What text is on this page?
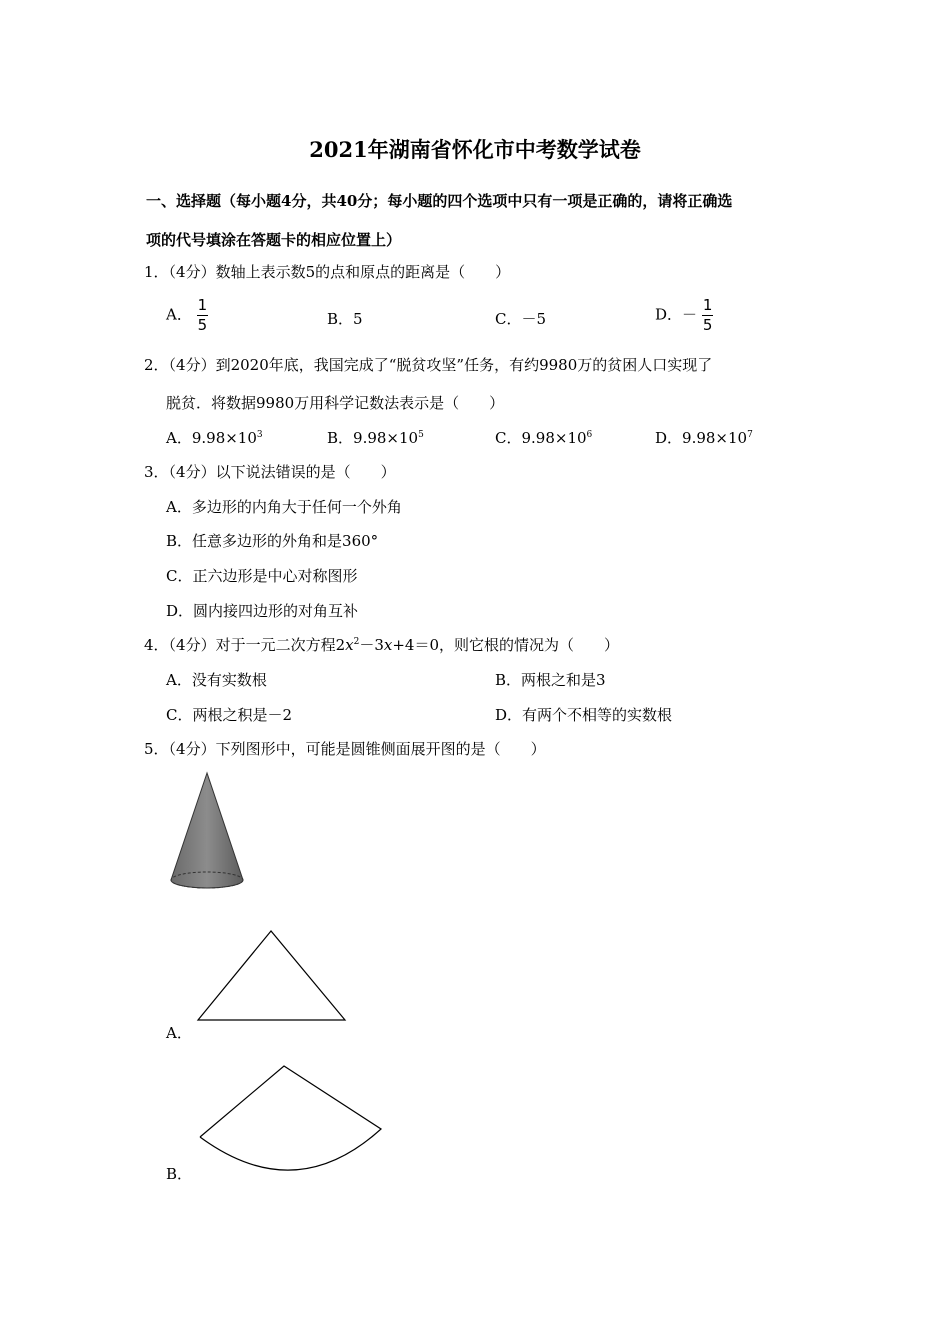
2021年湖南省怀化市中考数学试卷
一、选择题（每小题4分，共40分；每小题的四个选项中只有一项是正确的，请将正确选
项的代号填涂在答题卡的相应位置上）
1．（4分）数轴上表示数5的点和原点的距离是（　　）
A． $\frac{1}{5}$	B．5	C．－5	D．－ $\frac{1}{5}$
2．（4分）到2020年底，我国完成了“脱贫攻坚”任务，有约9980万的贫困人口实现了
脱贫．将数据9980万用科学记数法表示是（　　）
A．$9.98\times 10^3$	B．$9.98\times 10^5$	C．$9.98\times 10^6$	D．$9.98\times 10^7$
3．（4分）以下说法错误的是（　　）
A．多边形的内角大于任何一个外角
B．任意多边形的外角和是360°
C．正六边形是中心对称图形
D．圆内接四边形的对角互补
4．（4分）对于一元二次方程$2x^2-3x+4=0$，则它根的情况为（　　）
A．没有实数根	B．两根之和是3
C．两根之积是－2	D．有两个不相等的实数根
5．（4分）下列图形中，可能是圆锥侧面展开图的是（　　）
A．
B．
